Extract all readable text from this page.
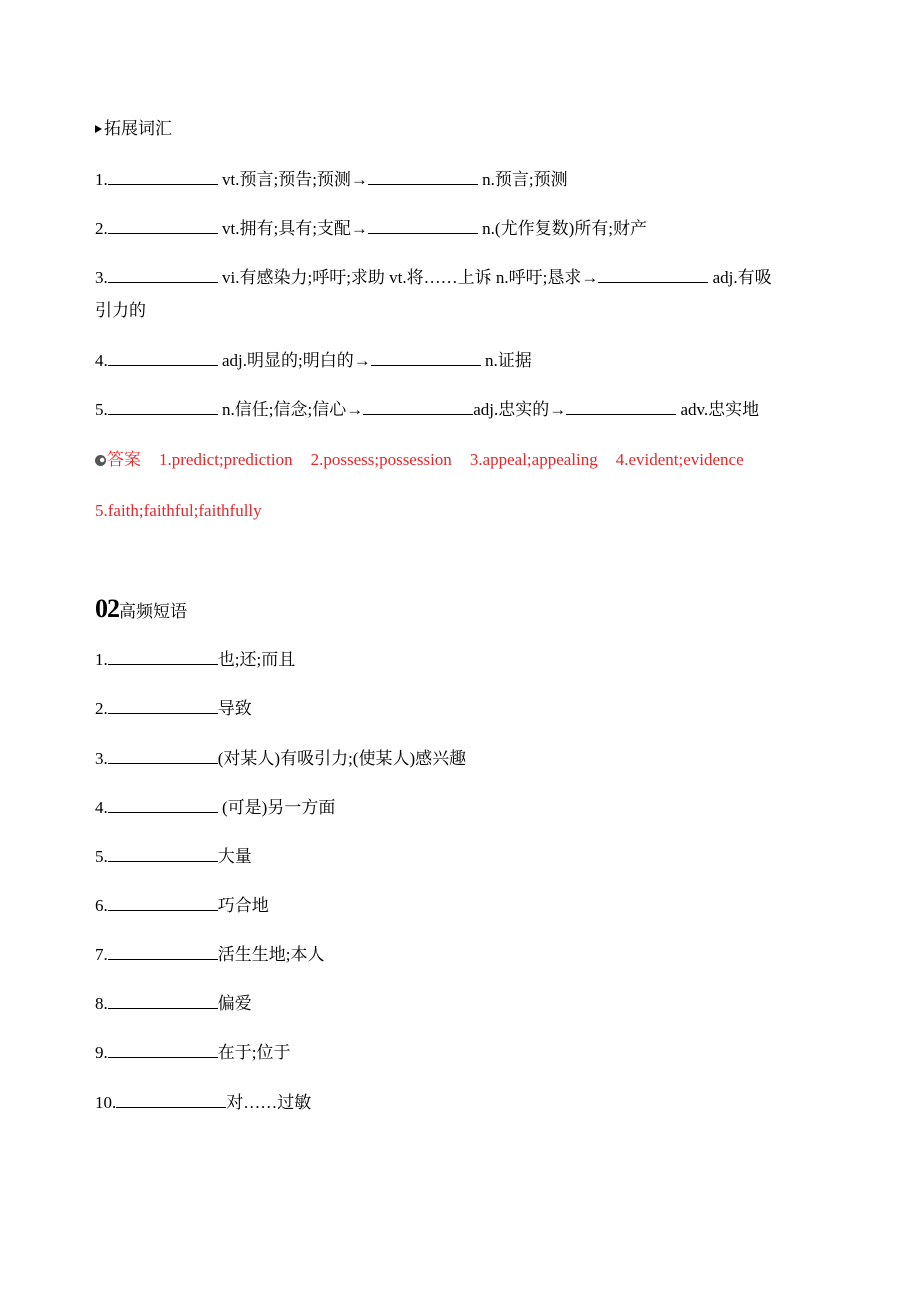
拓展词汇
1.	vt.预言;预告;预测→	n.预言;预测
2.	vt.拥有;具有;支配→	n.(尤作复数)所有;财产
3.	vi.有感染力;呼吁;求助 vt.将……上诉 n.呼吁;恳求→	adj.有吸
引力的
4.	adj.明显的;明白的→	n.证据
5.	n.信任;信念;信心→	adj.忠实的→	adv.忠实地
答案 1.predict;prediction 2.possess;possession 3.appeal;appealing 4.evident;evidence
5.faith;faithful;faithfully
02高频短语
1.	也;还;而且
2.	导致
3.	(对某人)有吸引力;(使某人)感兴趣
4.	(可是)另一方面
5.	大量
6.	巧合地
7.	活生生地;本人
8.	偏爱
9.	在于;位于
10.	对……过敏
